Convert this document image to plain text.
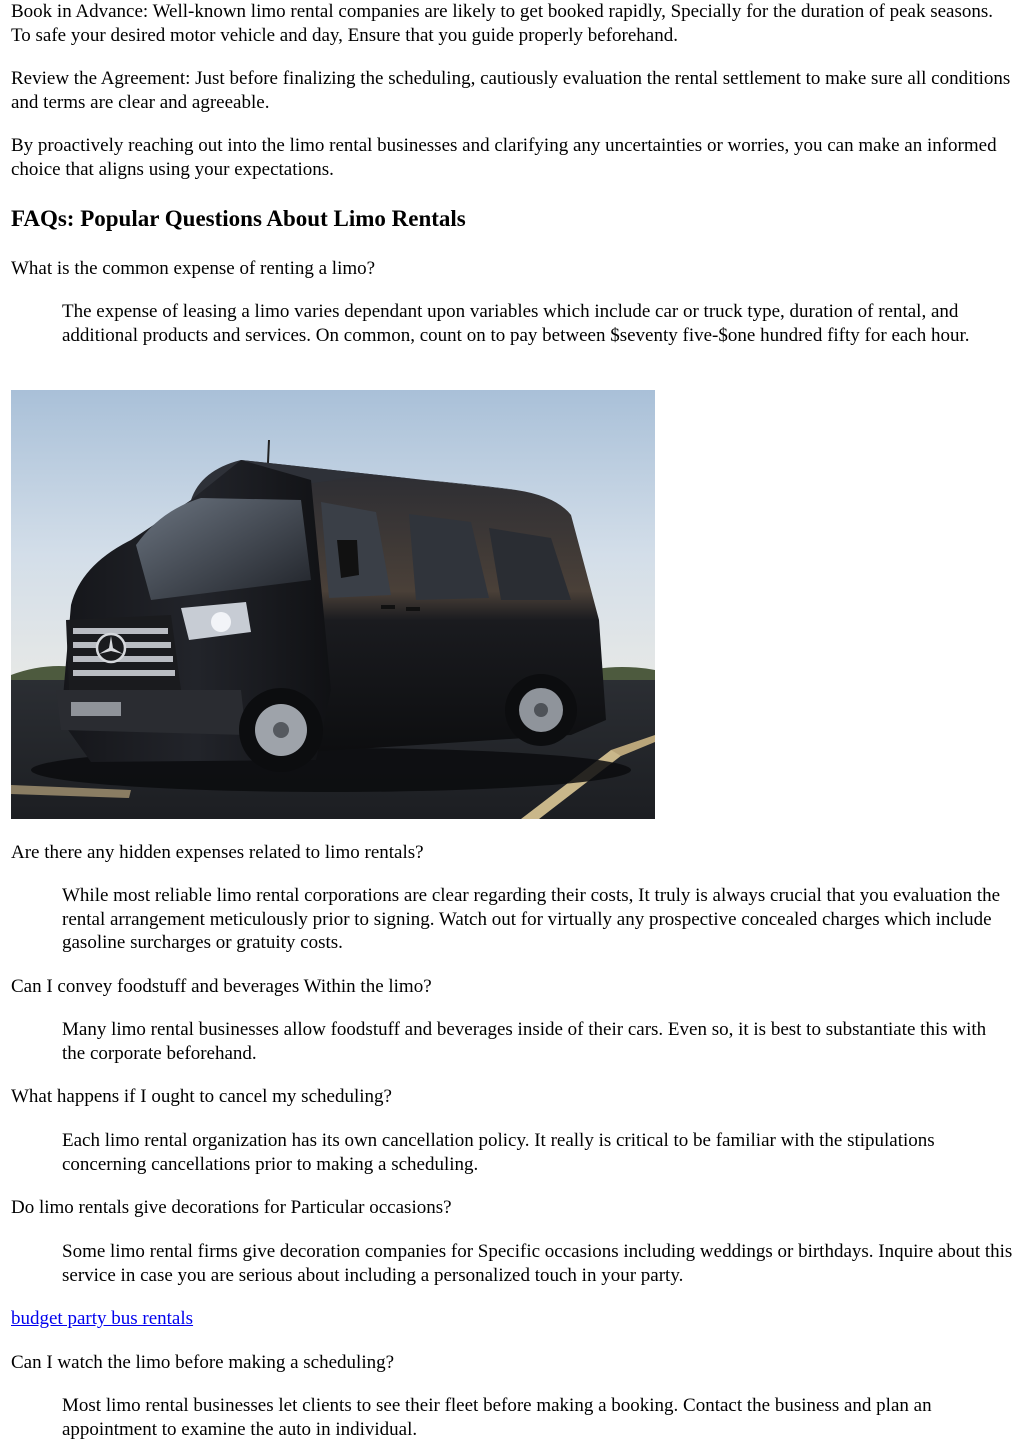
Book in Advance: Well-known limo rental companies are likely to get booked rapidly, Specially for the duration of peak seasons. To safe your desired motor vehicle and day, Ensure that you guide properly beforehand.

Review the Agreement: Just before finalizing the scheduling, cautiously evaluation the rental settlement to make sure all conditions and terms are clear and agreeable.

By proactively reaching out into the limo rental businesses and clarifying any uncertainties or worries, you can make an informed choice that aligns using your expectations.

FAQs: Popular Questions About Limo Rentals

What is the common expense of renting a limo?

The expense of leasing a limo varies dependant upon variables which include car or truck type, duration of rental, and additional products and services. On common, count on to pay between $seventy five-$one hundred fifty for each hour.

Are there any hidden expenses related to limo rentals?

While most reliable limo rental corporations are clear regarding their costs, It truly is always crucial that you evaluation the rental arrangement meticulously prior to signing. Watch out for virtually any prospective concealed charges which include gasoline surcharges or gratuity costs.

Can I convey foodstuff and beverages Within the limo?

Many limo rental businesses allow foodstuff and beverages inside of their cars. Even so, it is best to substantiate this with the corporate beforehand.

What happens if I ought to cancel my scheduling?

Each limo rental organization has its own cancellation policy. It really is critical to be familiar with the stipulations concerning cancellations prior to making a scheduling.

Do limo rentals give decorations for Particular occasions?

Some limo rental firms give decoration companies for Specific occasions including weddings or birthdays. Inquire about this service in case you are serious about including a personalized touch in your party.

budget party bus rentals

Can I watch the limo before making a scheduling?

Most limo rental businesses let clients to see their fleet before making a booking. Contact the business and plan an appointment to examine the auto in individual.
